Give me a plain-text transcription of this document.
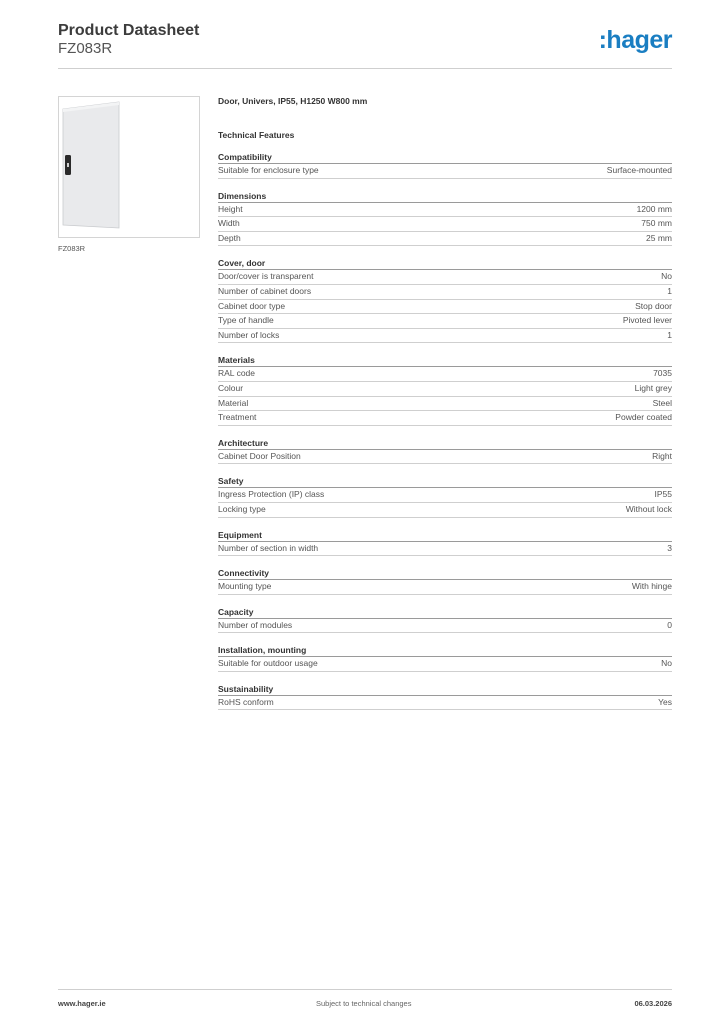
Product Datasheet
FZ083R	:hager
FZ083R
Door, Univers, IP55, H1250 W800 mm
Technical Features
Compatibility
Suitable for enclosure type	Surface-mounted
Dimensions
Height	1200 mm
Width	750 mm
Depth	25 mm
Cover, door
Door/cover is transparent	No
Number of cabinet doors	1
Cabinet door type	Stop door
Type of handle	Pivoted lever
Number of locks	1
Materials
RAL code	7035
Colour	Light grey
Material	Steel
Treatment	Powder coated
Architecture
Cabinet Door Position	Right
Safety
Ingress Protection (IP) class	IP55
Locking type	Without lock
Equipment
Number of section in width	3
Connectivity
Mounting type	With hinge
Capacity
Number of modules	0
Installation, mounting
Suitable for outdoor usage	No
Sustainability
RoHS conform	Yes
www.hager.ie	Subject to technical changes	06.03.2026
